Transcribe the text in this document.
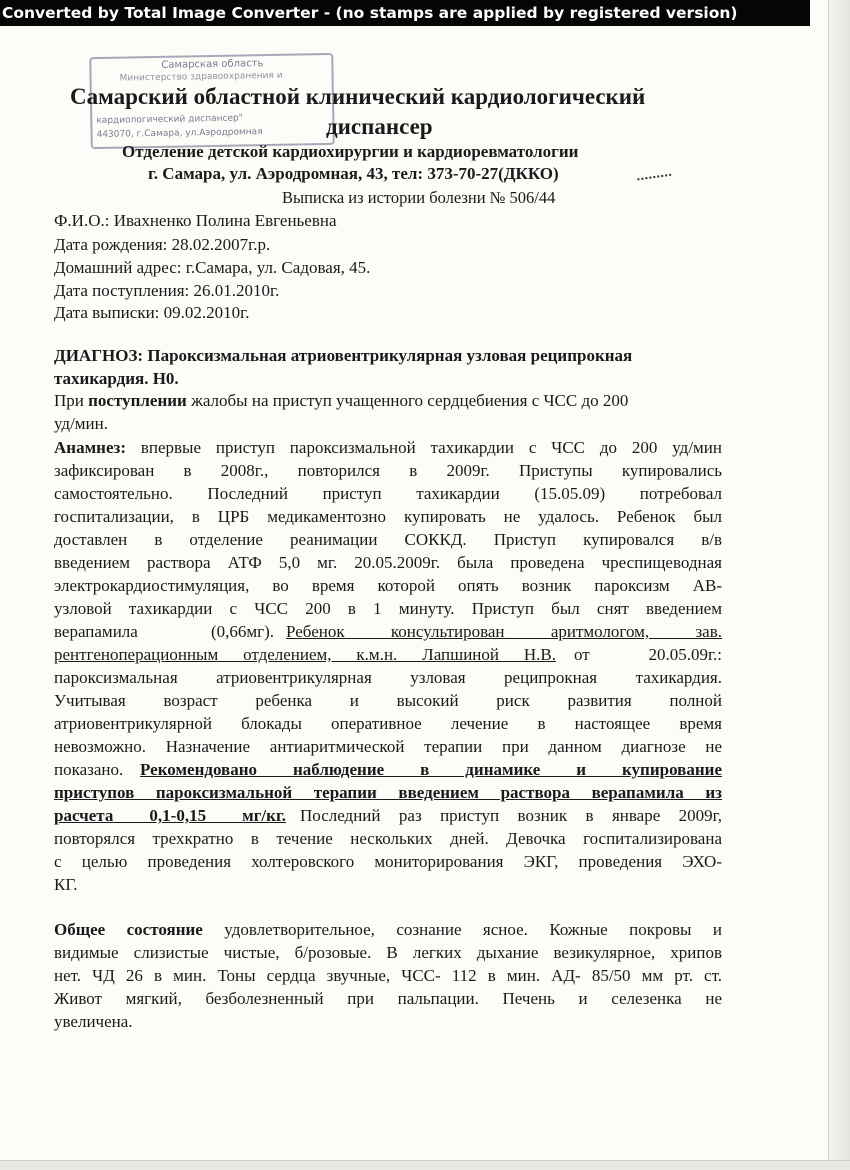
Converted by Total Image Converter - (no stamps are applied by registered version)
Самарская область
Министерство здравоохранения и
кардиологический диспансер"
443070, г.Самара, ул.Аэродромная
Самарский областной клинический кардиологический
диспансер
Отделение детской кардиохирургии и кардиоревматологии
г. Самара, ул. Аэродромная, 43, тел: 373-70-27(ДККО)
Выписка из истории болезни № 506/44
Ф.И.О.: Ивахненко Полина Евгеньевна
Дата рождения: 28.02.2007г.р.
Домашний адрес: г.Самара, ул. Садовая, 45.
Дата поступления: 26.01.2010г.
Дата выписки: 09.02.2010г.
ДИАГНОЗ: Пароксизмальная атриовентрикулярная узловая реципрокная
тахикардия. Н0.
При поступлении жалобы на приступ учащенного сердцебиения с ЧСС до 200
уд/мин.
Анамнез: впервые приступ пароксизмальной тахикардии с ЧСС до 200 уд/мин
зафиксирован в 2008г., повторился в 2009г. Приступы купировались
самостоятельно. Последний приступ тахикардии (15.05.09) потребовал
госпитализации, в ЦРБ медикаментозно купировать не удалось. Ребенок был
доставлен в отделение реанимации СОККД. Приступ купировался в/в
введением раствора АТФ 5,0 мг. 20.05.2009г. была проведена чреспищеводная
электрокардиостимуляция, во время которой опять возник пароксизм АВ-
узловой тахикардии с ЧСС 200 в 1 минуту. Приступ был снят введением
верапамила (0,66мг). Ребенок консультирован аритмологом, зав.
рентгеноперационным отделением, к.м.н. Лапшиной Н.В. от 20.05.09г.:
пароксизмальная атриовентрикулярная узловая реципрокная тахикардия.
Учитывая возраст ребенка и высокий риск развития полной
атриовентрикулярной блокады оперативное лечение в настоящее время
невозможно. Назначение антиаритмической терапии при данном диагнозе не
показано. Рекомендовано наблюдение в динамике и купирование
приступов пароксизмальной терапии введением раствора верапамила из
расчета 0,1-0,15 мг/кг. Последний раз приступ возник в январе 2009г,
повторялся трехкратно в течение нескольких дней. Девочка госпитализирована
с целью проведения холтеровского мониторирования ЭКГ, проведения ЭХО-
КГ.
Общее состояние удовлетворительное, сознание ясное. Кожные покровы и
видимые слизистые чистые, б/розовые. В легких дыхание везикулярное, хрипов
нет. ЧД 26 в мин. Тоны сердца звучные, ЧСС- 112 в мин. АД- 85/50 мм рт. ст.
Живот мягкий, безболезненный при пальпации. Печень и селезенка не
увеличена.
